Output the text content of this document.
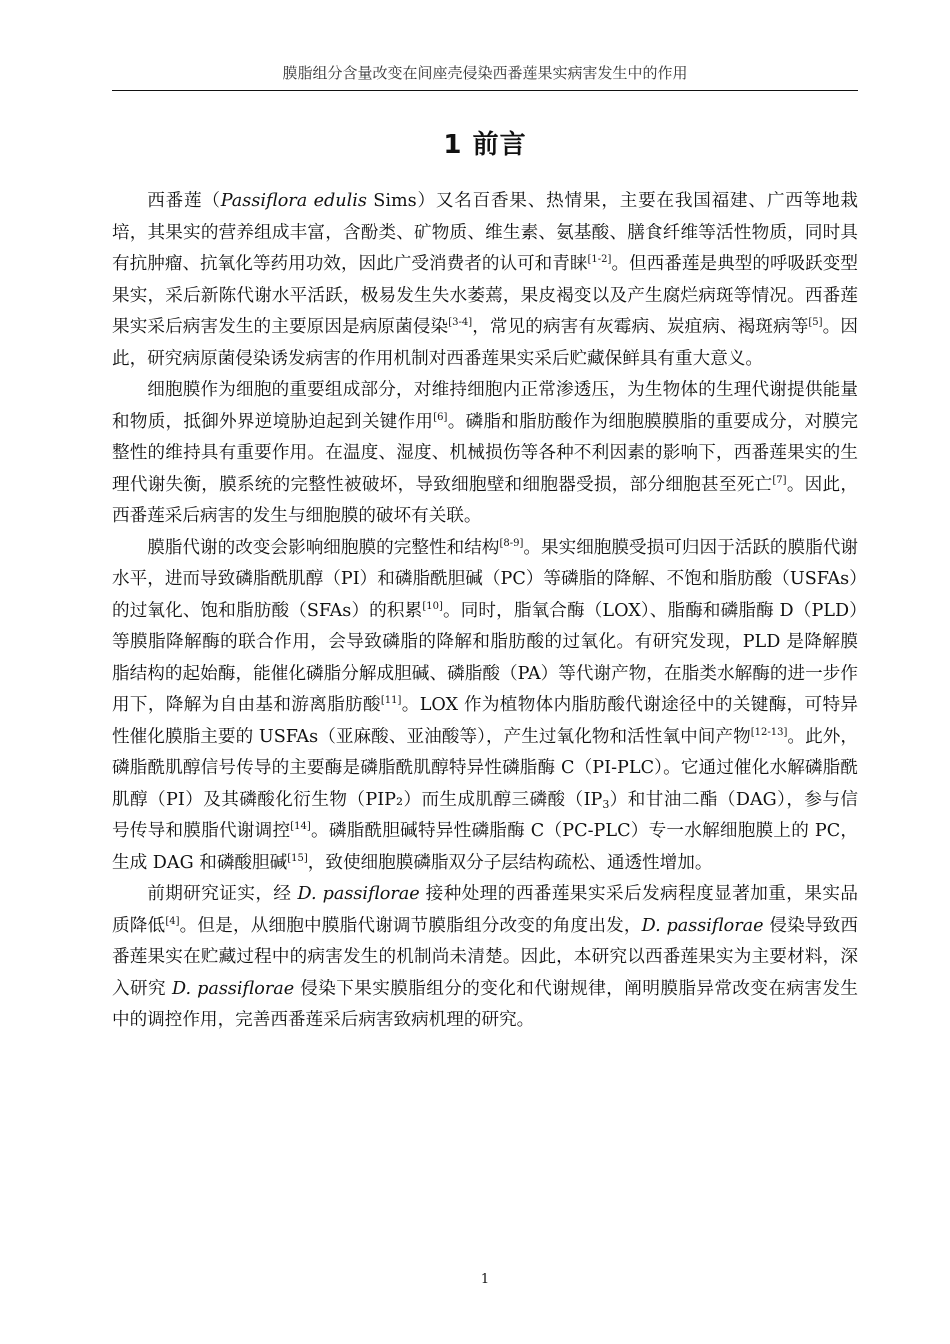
膜脂组分含量改变在间座壳侵染西番莲果实病害发生中的作用
1 前言

西番莲（Passiflora edulis Sims）又名百香果、热情果，主要在我国福建、广西等地栽培，其果实的营养组成丰富，含酚类、矿物质、维生素、氨基酸、膳食纤维等活性物质，同时具有抗肿瘤、抗氧化等药用功效，因此广受消费者的认可和青睐[1-2]。但西番莲是典型的呼吸跃变型果实，采后新陈代谢水平活跃，极易发生失水萎蔫，果皮褐变以及产生腐烂病斑等情况。西番莲果实采后病害发生的主要原因是病原菌侵染[3-4]，常见的病害有灰霉病、炭疽病、褐斑病等[5]。因此，研究病原菌侵染诱发病害的作用机制对西番莲果实采后贮藏保鲜具有重大意义。

细胞膜作为细胞的重要组成部分，对维持细胞内正常渗透压，为生物体的生理代谢提供能量和物质，抵御外界逆境胁迫起到关键作用[6]。磷脂和脂肪酸作为细胞膜膜脂的重要成分，对膜完整性的维持具有重要作用。在温度、湿度、机械损伤等各种不利因素的影响下，西番莲果实的生理代谢失衡，膜系统的完整性被破坏，导致细胞壁和细胞器受损，部分细胞甚至死亡[7]。因此，西番莲采后病害的发生与细胞膜的破坏有关联。

膜脂代谢的改变会影响细胞膜的完整性和结构[8-9]。果实细胞膜受损可归因于活跃的膜脂代谢水平，进而导致磷脂酰肌醇（PI）和磷脂酰胆碱（PC）等磷脂的降解、不饱和脂肪酸（USFAs）的过氧化、饱和脂肪酸（SFAs）的积累[10]。同时，脂氧合酶（LOX）、脂酶和磷脂酶 D（PLD）等膜脂降解酶的联合作用，会导致磷脂的降解和脂肪酸的过氧化。有研究发现，PLD 是降解膜脂结构的起始酶，能催化磷脂分解成胆碱、磷脂酸（PA）等代谢产物，在脂类水解酶的进一步作用下，降解为自由基和游离脂肪酸[11]。LOX 作为植物体内脂肪酸代谢途径中的关键酶，可特异性催化膜脂主要的 USFAs（亚麻酸、亚油酸等），产生过氧化物和活性氧中间产物[12-13]。此外，磷脂酰肌醇信号传导的主要酶是磷脂酰肌醇特异性磷脂酶 C（PI-PLC）。它通过催化水解磷脂酰肌醇（PI）及其磷酸化衍生物（PIP₂）而生成肌醇三磷酸$(IP_3)$和甘油二酯（DAG），参与信号传导和膜脂代谢调控[14]。磷脂酰胆碱特异性磷脂酶 C（PC-PLC）专一水解细胞膜上的 PC，生成 DAG 和磷酸胆碱[15]，致使细胞膜磷脂双分子层结构疏松、通透性增加。

前期研究证实，经 D. passiflorae 接种处理的西番莲果实采后发病程度显著加重，果实品质降低[4]。但是，从细胞中膜脂代谢调节膜脂组分改变的角度出发，D. passiflorae 侵染导致西番莲果实在贮藏过程中的病害发生的机制尚未清楚。因此，本研究以西番莲果实为主要材料，深入研究 D. passiflorae 侵染下果实膜脂组分的变化和代谢规律，阐明膜脂异常改变在病害发生中的调控作用，完善西番莲采后病害致病机理的研究。

1
